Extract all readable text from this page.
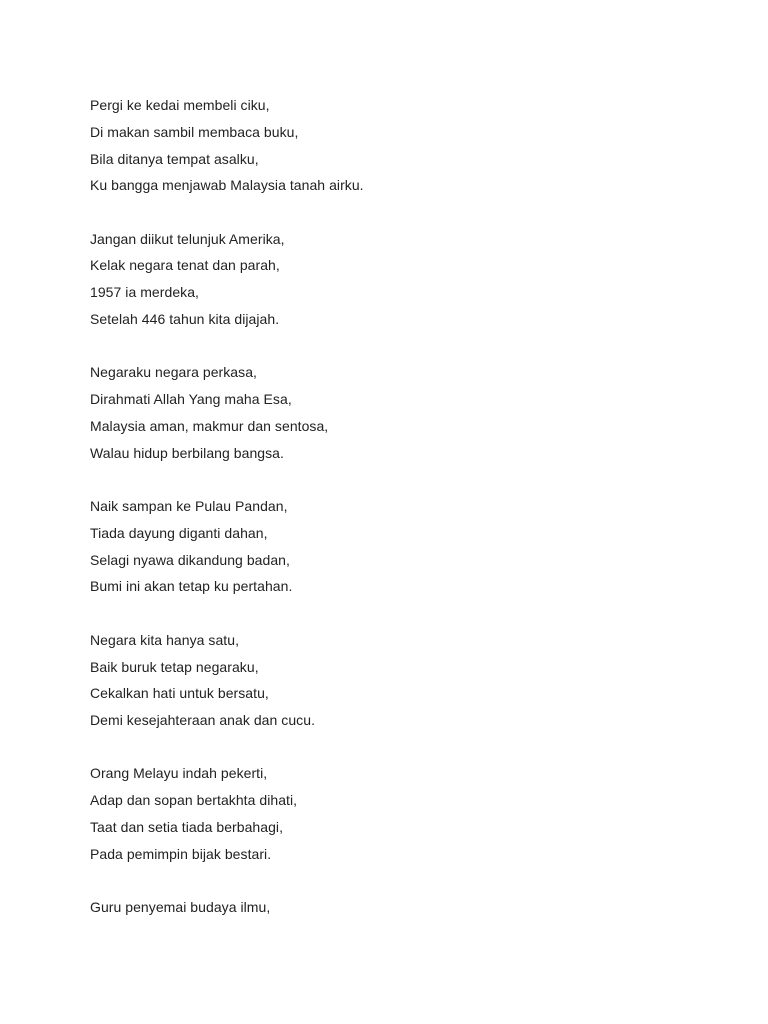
Pergi ke kedai membeli ciku,
Di makan sambil membaca buku,
Bila ditanya tempat asalku,
Ku bangga menjawab Malaysia tanah airku.
Jangan diikut telunjuk Amerika,
Kelak negara tenat dan parah,
1957 ia merdeka,
Setelah 446 tahun kita dijajah.
Negaraku negara perkasa,
Dirahmati Allah Yang maha Esa,
Malaysia aman, makmur dan sentosa,
Walau hidup berbilang bangsa.
Naik sampan ke Pulau Pandan,
Tiada dayung diganti dahan,
Selagi nyawa dikandung badan,
Bumi ini akan tetap ku pertahan.
Negara kita hanya satu,
Baik buruk tetap negaraku,
Cekalkan hati untuk bersatu,
Demi kesejahteraan anak dan cucu.
Orang Melayu indah pekerti,
Adap dan sopan bertakhta dihati,
Taat dan setia tiada berbahagi,
Pada pemimpin bijak bestari.
Guru penyemai budaya ilmu,
